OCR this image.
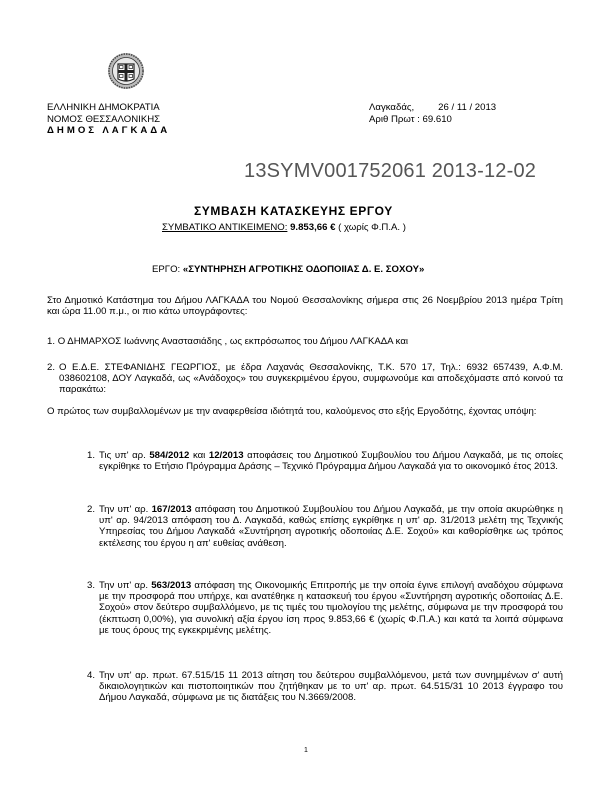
ΕΛΛΗΝΙΚΗ ΔΗΜΟΚΡΑΤΙΑ
ΝΟΜΟΣ ΘΕΣΣΑΛΟΝΙΚΗΣ
ΔΗΜΟΣ ΛΑΓΚΑΔΑ
Λαγκαδάς,	26 / 11 / 2013
Αριθ Πρωτ : 69.610
13SYMV001752061 2013-12-02
ΣΥΜΒΑΣΗ ΚΑΤΑΣΚΕΥΗΣ ΕΡΓΟΥ
ΣΥΜΒΑΤΙΚΟ ΑΝΤΙΚΕΙΜΕΝΟ: 9.853,66 € ( χωρίς Φ.Π.Α. )
ΕΡΓΟ: «ΣΥΝΤΗΡΗΣΗ ΑΓΡΟΤΙΚΗΣ ΟΔΟΠΟΙΙΑΣ Δ. Ε. ΣΟΧΟΥ»
Στο Δημοτικό Κατάστημα του Δήμου ΛΑΓΚΑΔΑ του Νομού Θεσσαλονίκης σήμερα στις 26 Νοεμβρίου 2013 ημέρα Τρίτη και ώρα 11.00 π.μ., οι πιο κάτω υπογράφοντες:
1. Ο ΔΗΜΑΡΧΟΣ Ιωάννης Αναστασιάδης , ως εκπρόσωπος του Δήμου ΛΑΓΚΑΔΑ και
2. Ο Ε.Δ.Ε. ΣΤΕΦΑΝΙΔΗΣ ΓΕΩΡΓΙΟΣ, με έδρα Λαχανάς Θεσσαλονίκης, Τ.Κ. 570 17, Τηλ.: 6932 657439, Α.Φ.Μ. 038602108, ΔΟΥ Λαγκαδά, ως «Ανάδοχος» του συγκεκριμένου έργου, συμφωνούμε και αποδεχόμαστε από κοινού τα παρακάτω:
Ο πρώτος των συμβαλλομένων με την αναφερθείσα ιδιότητά του, καλούμενος στο εξής Εργοδότης, έχοντας υπόψη:
1. Τις υπ' αρ. 584/2012 και 12/2013 αποφάσεις του Δημοτικού Συμβουλίου του Δήμου Λαγκαδά, με τις οποίες εγκρίθηκε το Ετήσιο Πρόγραμμα Δράσης – Τεχνικό Πρόγραμμα Δήμου Λαγκαδά για το οικονομικό έτος 2013.
2. Την υπ' αρ. 167/2013 απόφαση του Δημοτικού Συμβουλίου του Δήμου Λαγκαδά, με την οποία ακυρώθηκε η υπ' αρ. 94/2013 απόφαση του Δ. Λαγκαδά, καθώς επίσης εγκρίθηκε η υπ' αρ. 31/2013 μελέτη της Τεχνικής Υπηρεσίας του Δήμου Λαγκαδά «Συντήρηση αγροτικής οδοποιίας Δ.Ε. Σοχού» και καθορίσθηκε ως τρόπος εκτέλεσης του έργου η απ' ευθείας ανάθεση.
3. Την υπ' αρ. 563/2013 απόφαση της Οικονομικής Επιτροπής με την οποία έγινε επιλογή αναδόχου σύμφωνα με την προσφορά που υπήρχε, και ανατέθηκε η κατασκευή του έργου «Συντήρηση αγροτικής οδοποιίας Δ.Ε. Σοχού» στον δεύτερο συμβαλλόμενο, με τις τιμές του τιμολογίου της μελέτης, σύμφωνα με την προσφορά του (έκπτωση 0,00%), για συνολική αξία έργου ίση προς 9.853,66 € (χωρίς Φ.Π.Α.) και κατά τα λοιπά σύμφωνα με τους όρους της εγκεκριμένης μελέτης.
4. Την υπ' αρ. πρωτ. 67.515/15 11 2013 αίτηση του δεύτερου συμβαλλόμενου, μετά των συνημμένων σ' αυτή δικαιολογητικών και πιστοποιητικών που ζητήθηκαν με το υπ' αρ. πρωτ. 64.515/31 10 2013 έγγραφο του Δήμου Λαγκαδά, σύμφωνα με τις διατάξεις του Ν.3669/2008.
1
